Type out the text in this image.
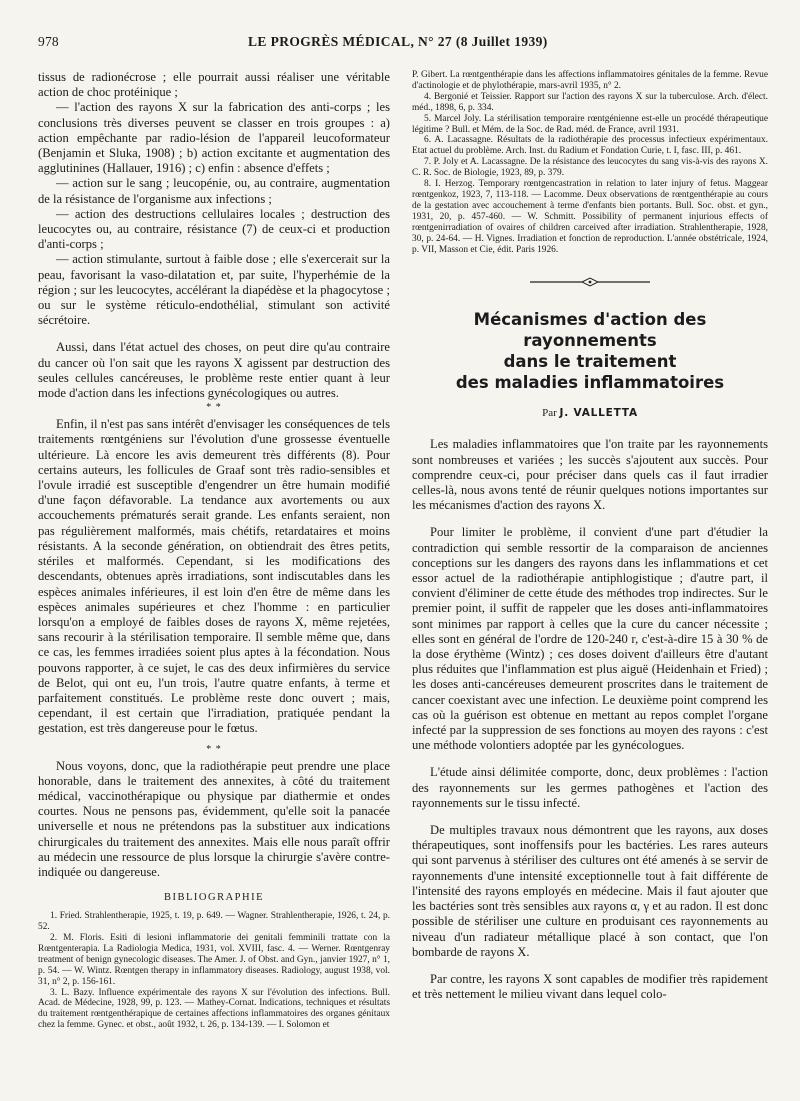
978	LE PROGRÈS MÉDICAL, N° 27 (8 Juillet 1939)

tissus de radionécrose ; elle pourrait aussi réaliser une véritable action de choc protéinique ;

— l'action des rayons X sur la fabrication des anti-corps ; les conclusions très diverses peuvent se classer en trois groupes : a) action empêchante par radio-lésion de l'appareil leucoformateur (Benjamin et Sluka, 1908) ; b) action excitante et augmentation des agglutinines (Hallauer, 1916) ; c) enfin : absence d'effets ;

— action sur le sang ; leucopénie, ou, au contraire, augmentation de la résistance de l'organisme aux infections ;

— action des destructions cellulaires locales ; destruction des leucocytes ou, au contraire, résistance (7) de ceux-ci et production d'anti-corps ;

— action stimulante, surtout à faible dose ; elle s'exercerait sur la peau, favorisant la vaso-dilatation et, par suite, l'hyperhémie de la région ; sur les leucocytes, accélérant la diapédèse et la phagocytose ; ou sur le système réticulo-endothélial, stimulant son activité sécrétoire.

Aussi, dans l'état actuel des choses, on peut dire qu'au contraire du cancer où l'on sait que les rayons X agissent par destruction des seules cellules cancéreuses, le problème reste entier quant à leur mode d'action dans les infections gynécologiques ou autres.

* *

Enfin, il n'est pas sans intérêt d'envisager les conséquences de tels traitements rœntgéniens sur l'évolution d'une grossesse éventuelle ultérieure. Là encore les avis demeurent très différents (8). Pour certains auteurs, les follicules de Graaf sont très radio-sensibles et l'ovule irradié est susceptible d'engendrer un être humain modifié d'une façon défavorable. La tendance aux avortements ou aux accouchements prématurés serait grande. Les enfants seraient, non pas régulièrement malformés, mais chétifs, retardataires et moins résistants. A la seconde génération, on obtiendrait des êtres petits, stériles et malformés. Cependant, si les modifications des descendants, obtenues après irradiations, sont indiscutables dans les espèces animales inférieures, il est loin d'en être de même dans les espèces animales supérieures et chez l'homme : en particulier lorsqu'on a employé de faibles doses de rayons X, même rejetées, sans recourir à la stérilisation temporaire. Il semble même que, dans ce cas, les femmes irradiées soient plus aptes à la fécondation. Nous pouvons rapporter, à ce sujet, le cas des deux infirmières du service de Belot, qui ont eu, l'un trois, l'autre quatre enfants, à terme et parfaitement constitués. Le problème reste donc ouvert ; mais, cependant, il est certain que l'irradiation, pratiquée pendant la gestation, est très dangereuse pour le fœtus.

* *

Nous voyons, donc, que la radiothérapie peut prendre une place honorable, dans le traitement des annexites, à côté du traitement médical, vaccinothérapique ou physique par diathermie et ondes courtes. Nous ne pensons pas, évidemment, qu'elle soit la panacée universelle et nous ne prétendons pas la substituer aux indications chirurgicales du traitement des annexites. Mais elle nous paraît offrir au médecin une ressource de plus lorsque la chirurgie s'avère contre-indiquée ou dangereuse.

BIBLIOGRAPHIE

1. Fried. Strahlentherapie, 1925, t. 19, p. 649. — Wagner. Strahlentherapie, 1926, t. 24, p. 52.

2. M. Floris. Esiti di lesioni inflammatorie dei genitali femminili trattate con la Rœntgenterapia. La Radiologia Medica, 1931, vol. XVIII, fasc. 4. — Werner. Rœntgenray treatment of benign gynecologic diseases. The Amer. J. of Obst. and Gyn., janvier 1927, n° 1, p. 54. — W. Wintz. Rœntgen therapy in inflammatory diseases. Radiology, august 1938, vol. 31, n° 2, p. 156-161.

3. L. Bazy. Influence expérimentale des rayons X sur l'évolution des infections. Bull. Acad. de Médecine, 1928, 99, p. 123. — Mathey-Cornat. Indications, techniques et résultats du traitement rœntgenthérapique de certaines affections inflammatoires des organes génitaux chez la femme. Gynec. et obst., août 1932, t. 26, p. 134-139. — I. Solomon et

P. Gibert. La rœntgenthérapie dans les affections inflammatoires génitales de la femme. Revue d'actinologie et de phylothérapie, mars-avril 1935, n° 2.

4. Bergonié et Teissier. Rapport sur l'action des rayons X sur la tuberculose. Arch. d'élect. méd., 1898, 6, p. 334.

5. Marcel Joly. La stérilisation temporaire rœntgénienne est-elle un procédé thérapeutique légitime ? Bull. et Mém. de la Soc. de Rad. méd. de France, avril 1931.

6. A. Lacassagne. Résultats de la radiothérapie des processus infectieux expérimentaux. Etat actuel du problème. Arch. Inst. du Radium et Fondation Curie, t. I, fasc. III, p. 461.

7. P. Joly et A. Lacassagne. De la résistance des leucocytes du sang vis-à-vis des rayons X. C. R. Soc. de Biologie, 1923, 89, p. 379.

8. I. Herzog. Temporary rœntgencastration in relation to later injury of fetus. Maggear rœntgenkoz, 1923, 7, 113-118. — Lacomme. Deux observations de rœntgenthérapie au cours de la gestation avec accouchement à terme d'enfants bien portants. Bull. Soc. obst. et gyn., 1931, 20, p. 457-460. — W. Schmitt. Possibility of permanent injurious effects of rœntgenirradiation of ovaires of children carceived after irradiation. Strahlentherapie, 1928, 30, p. 24-64. — H. Vignes. Irradiation et fonction de reproduction. L'année obstétricale, 1924, p. VII, Masson et Cie, édit. Paris 1926.

Mécanismes d'action des rayonnements
dans le traitement
des maladies inflammatoires
Par J. VALLETTA

Les maladies inflammatoires que l'on traite par les rayonnements sont nombreuses et variées ; les succès s'ajoutent aux succès. Pour comprendre ceux-ci, pour préciser dans quels cas il faut irradier celles-là, nous avons tenté de réunir quelques notions importantes sur les mécanismes d'action des rayons X.

Pour limiter le problème, il convient d'une part d'étudier la contradiction qui semble ressortir de la comparaison de anciennes conceptions sur les dangers des rayons dans les inflammations et cet essor actuel de la radiothérapie antiphlogistique ; d'autre part, il convient d'éliminer de cette étude des méthodes trop indirectes. Sur le premier point, il suffit de rappeler que les doses anti-inflammatoires sont minimes par rapport à celles que la cure du cancer nécessite ; elles sont en général de l'ordre de 120-240 r, c'est-à-dire 15 à 30 % de la dose érythème (Wintz) ; ces doses doivent d'ailleurs être d'autant plus réduites que l'inflammation est plus aiguë (Heidenhain et Fried) ; les doses anti-cancéreuses demeurent proscrites dans le traitement de cancer coexistant avec une infection. Le deuxième point comprend les cas où la guérison est obtenue en mettant au repos complet l'organe infecté par la suppression de ses fonctions au moyen des rayons : c'est une méthode volontiers adoptée par les gynécologues.

L'étude ainsi délimitée comporte, donc, deux problèmes : l'action des rayonnements sur les germes pathogènes et l'action des rayonnements sur le tissu infecté.

De multiples travaux nous démontrent que les rayons, aux doses thérapeutiques, sont inoffensifs pour les bactéries. Les rares auteurs qui sont parvenus à stériliser des cultures ont été amenés à se servir de rayonnements d'une intensité exceptionnelle tout à fait différente de l'intensité des rayons employés en médecine. Mais il faut ajouter que les bactéries sont très sensibles aux rayons α, γ et au radon. Il est donc possible de stériliser une culture en produisant ces rayonnements au niveau d'un radiateur métallique placé à son contact, que l'on bombarde de rayons X.

Par contre, les rayons X sont capables de modifier très rapidement et très nettement le milieu vivant dans lequel colo-
